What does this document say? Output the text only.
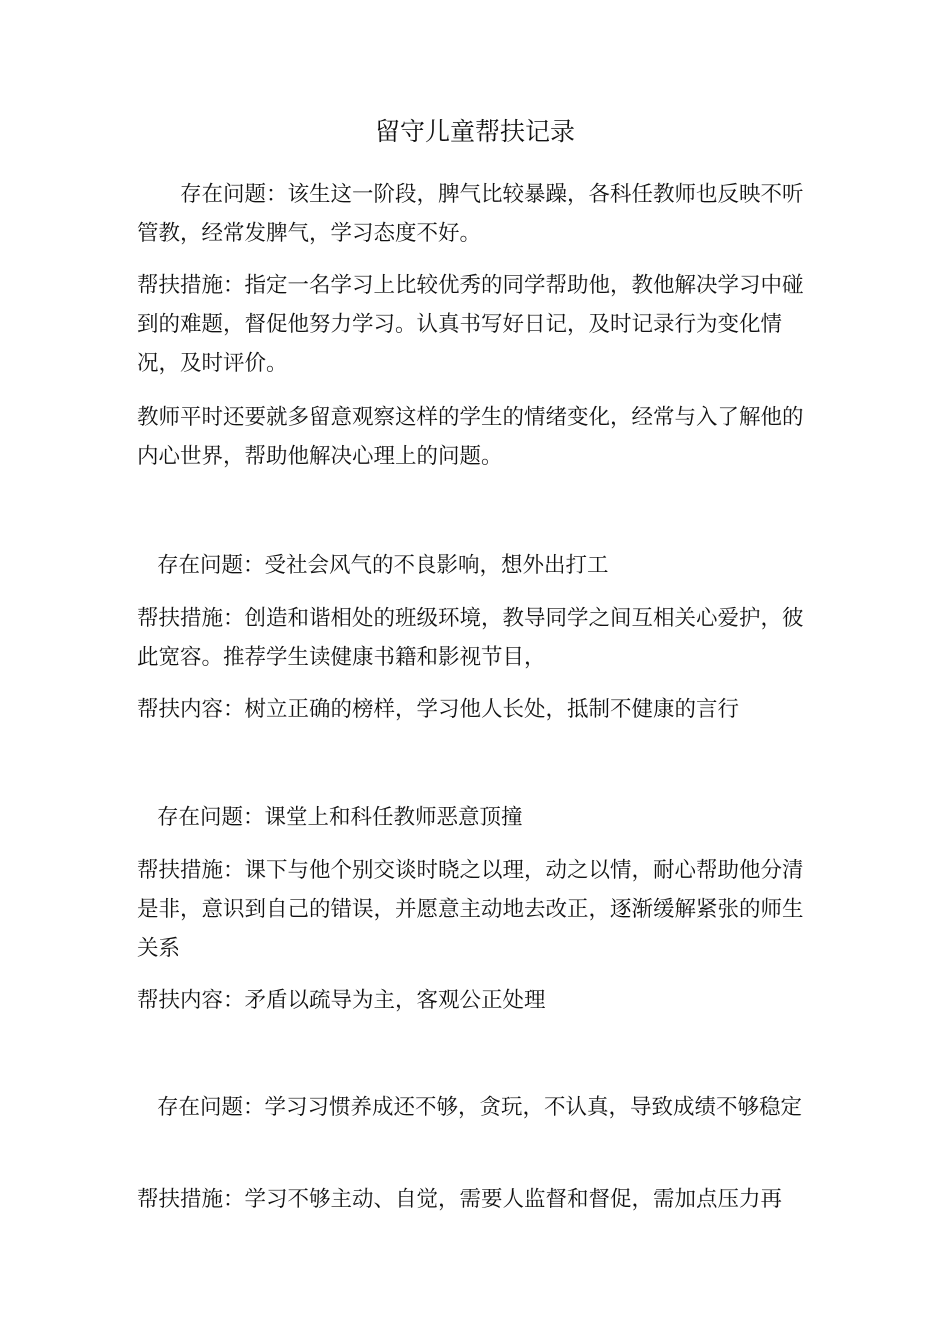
留守儿童帮扶记录

存在问题：该生这一阶段，脾气比较暴躁，各科任教师也反映不听管教，经常发脾气，学习态度不好。

帮扶措施：指定一名学习上比较优秀的同学帮助他，教他解决学习中碰到的难题，督促他努力学习。认真书写好日记，及时记录行为变化情况，及时评价。

教师平时还要就多留意观察这样的学生的情绪变化，经常与入了解他的内心世界，帮助他解决心理上的问题。

存在问题：受社会风气的不良影响，想外出打工

帮扶措施：创造和谐相处的班级环境，教导同学之间互相关心爱护，彼此宽容。推荐学生读健康书籍和影视节目，

帮扶内容：树立正确的榜样，学习他人长处，抵制不健康的言行

存在问题：课堂上和科任教师恶意顶撞

帮扶措施：课下与他个别交谈时晓之以理，动之以情，耐心帮助他分清是非，意识到自己的错误，并愿意主动地去改正，逐渐缓解紧张的师生关系

帮扶内容：矛盾以疏导为主，客观公正处理

存在问题：学习习惯养成还不够，贪玩，不认真，导致成绩不够稳定

帮扶措施：学习不够主动、自觉，需要人监督和督促，需加点压力再
